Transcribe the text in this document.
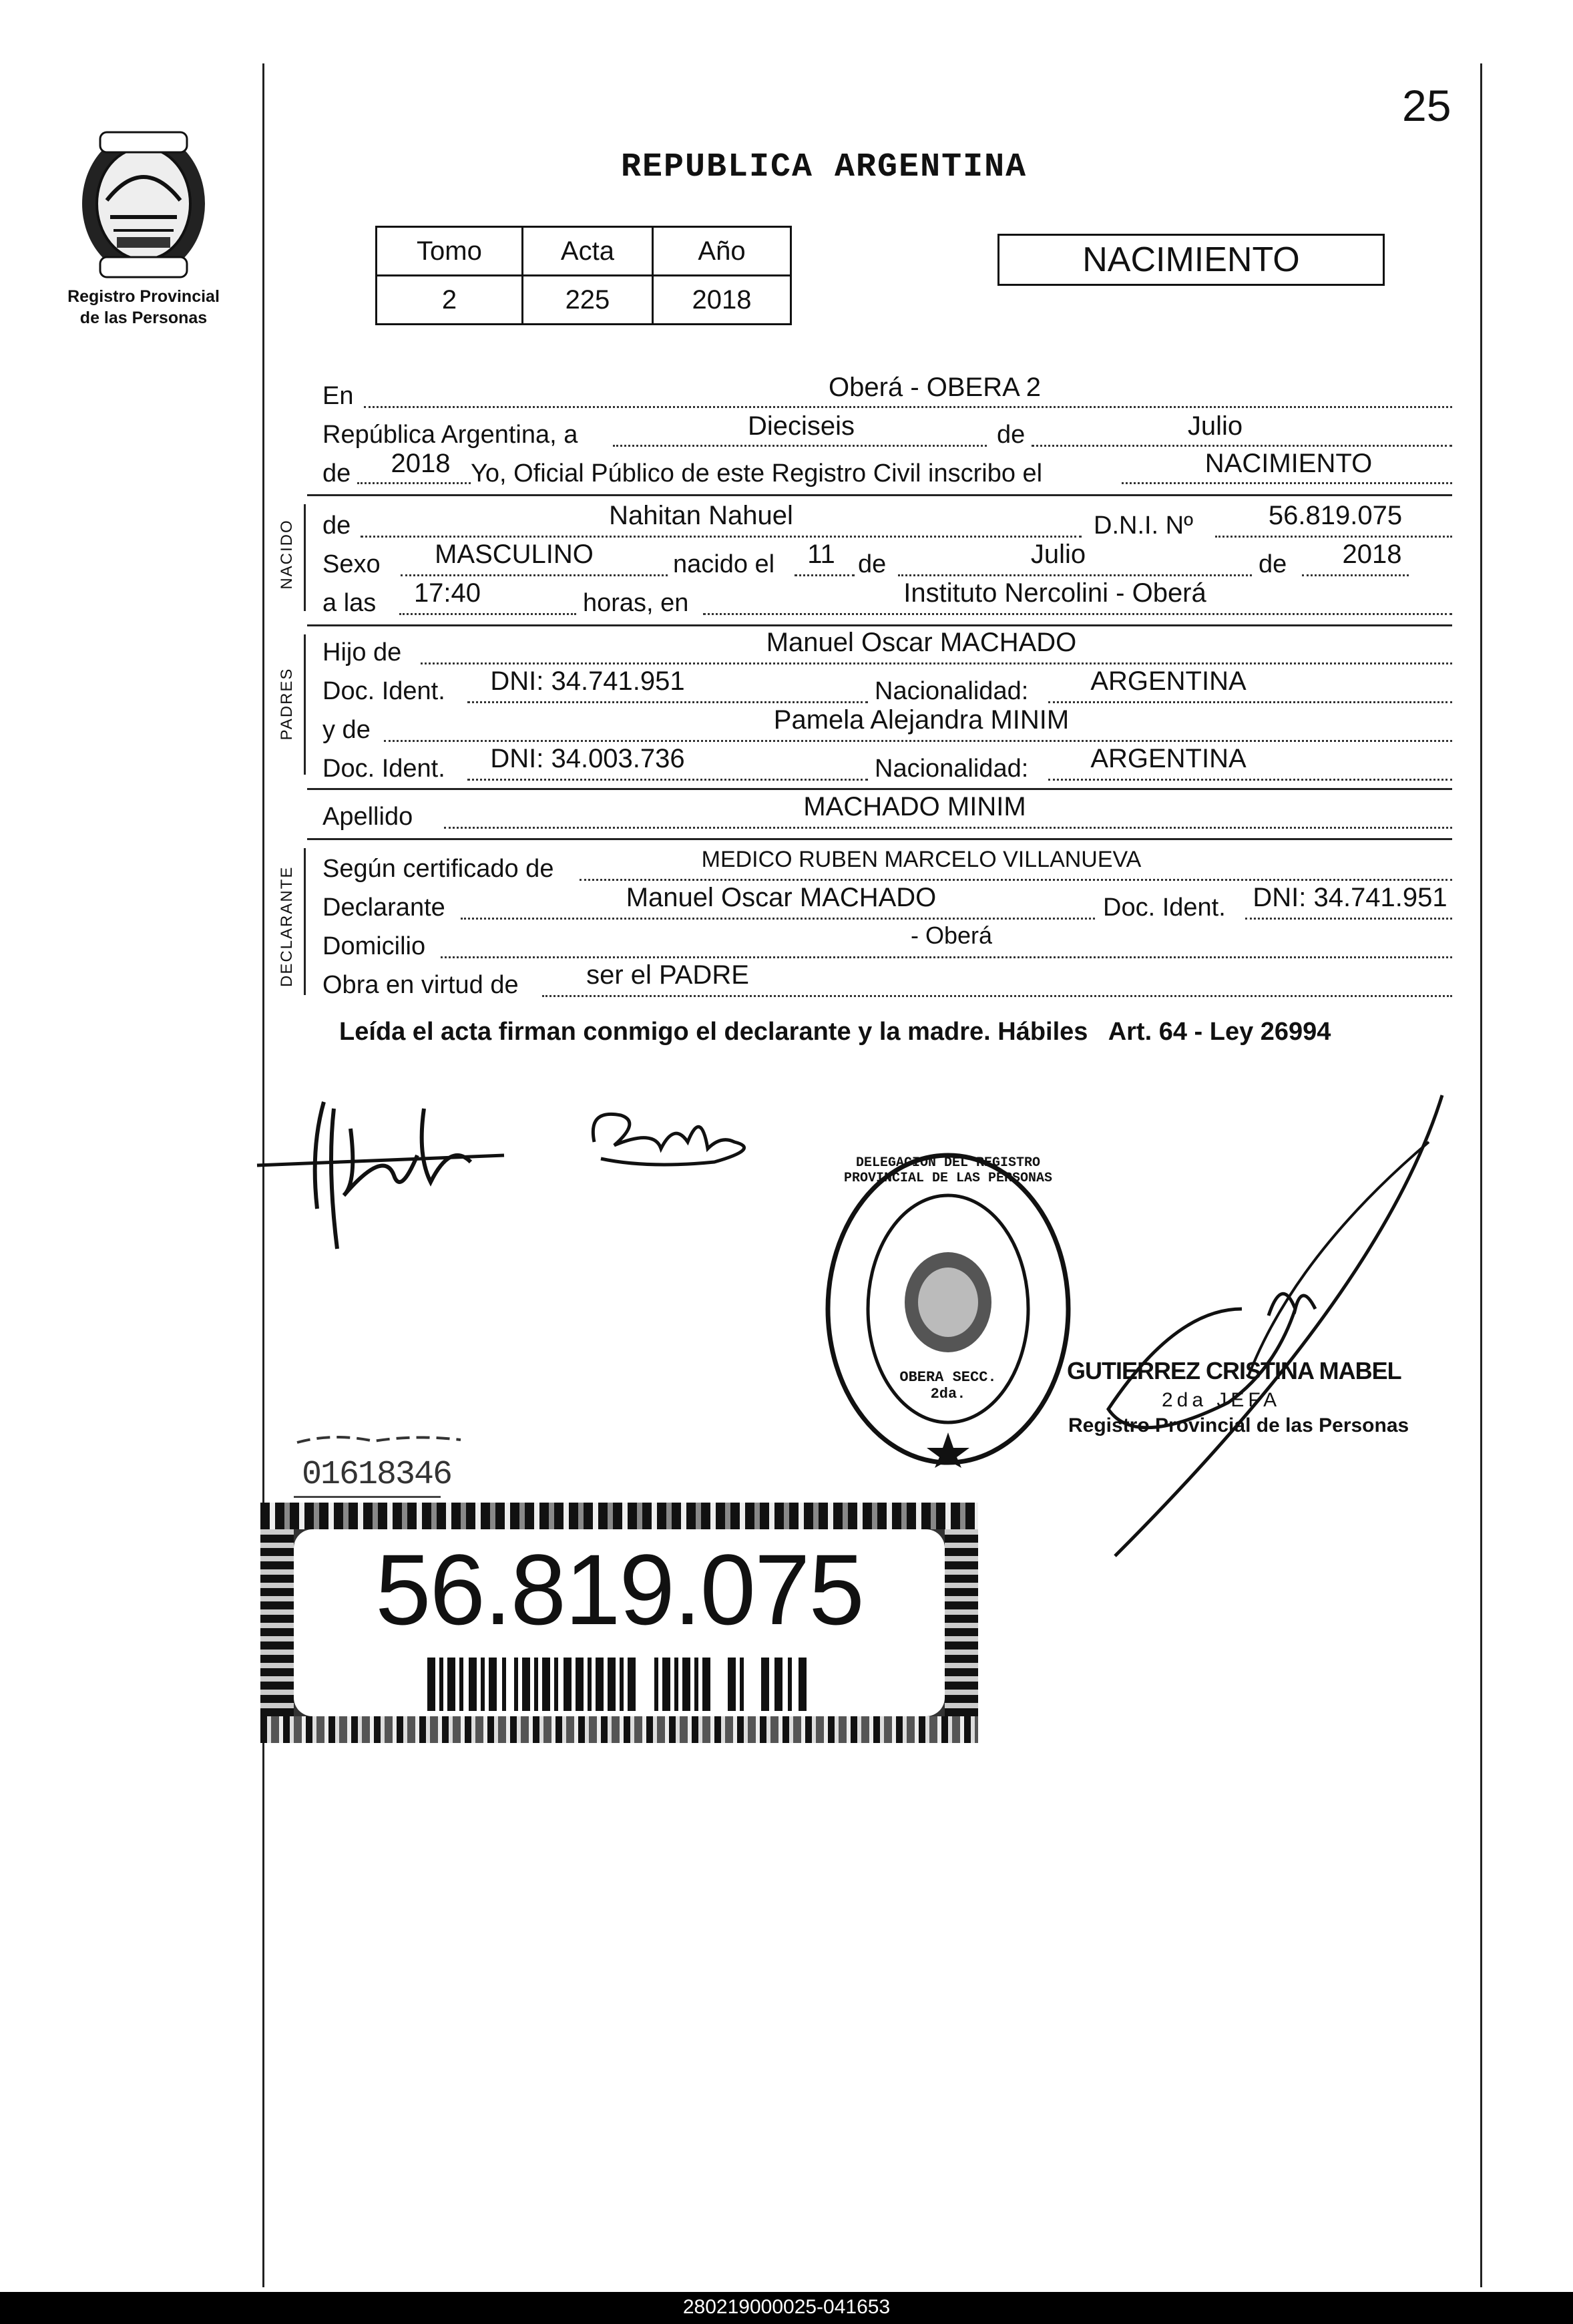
25
Registro Provincial
de las Personas
REPUBLICA ARGENTINA
Tomo	Acta	Año
2	225	2018
NACIMIENTO
En	Oberá - OBERA 2
República Argentina, a	Dieciseis	de	Julio
de	2018 Yo, Oficial Público de este Registro Civil inscribo el	NACIMIENTO
NACIDO de	Nahitan Nahuel	D.N.I. Nº	56.819.075
Sexo	MASCULINO	nacido el	11 de	Julio	de	2018
a las	17:40	horas, en	Instituto Nercolini - Oberá
PADRES
Hijo de	Manuel Oscar MACHADO
Doc. Ident.	DNI: 34.741.951	Nacionalidad:	ARGENTINA
y de	Pamela Alejandra MINIM
Doc. Ident.	DNI: 34.003.736	Nacionalidad:	ARGENTINA
Apellido	MACHADO MINIM
DECLARANTE Según certificado de	MEDICO RUBEN MARCELO VILLANUEVA
Declarante	Manuel Oscar MACHADO	Doc. Ident.	DNI: 34.741.951
Domicilio	- Oberá
Obra en virtud de	ser el PADRE
Leída el acta firman conmigo el declarante y la madre. Hábiles   Art. 64 - Ley 26994
OBERA SECC. 2da.
DELEGACION DEL REGISTRO PROVINCIAL DE LAS PERSONAS
GUTIERREZ CRISTINA MABEL
2da JEFA
Registro Provincial de las Personas
01618346
56.819.075
280219000025-041653
